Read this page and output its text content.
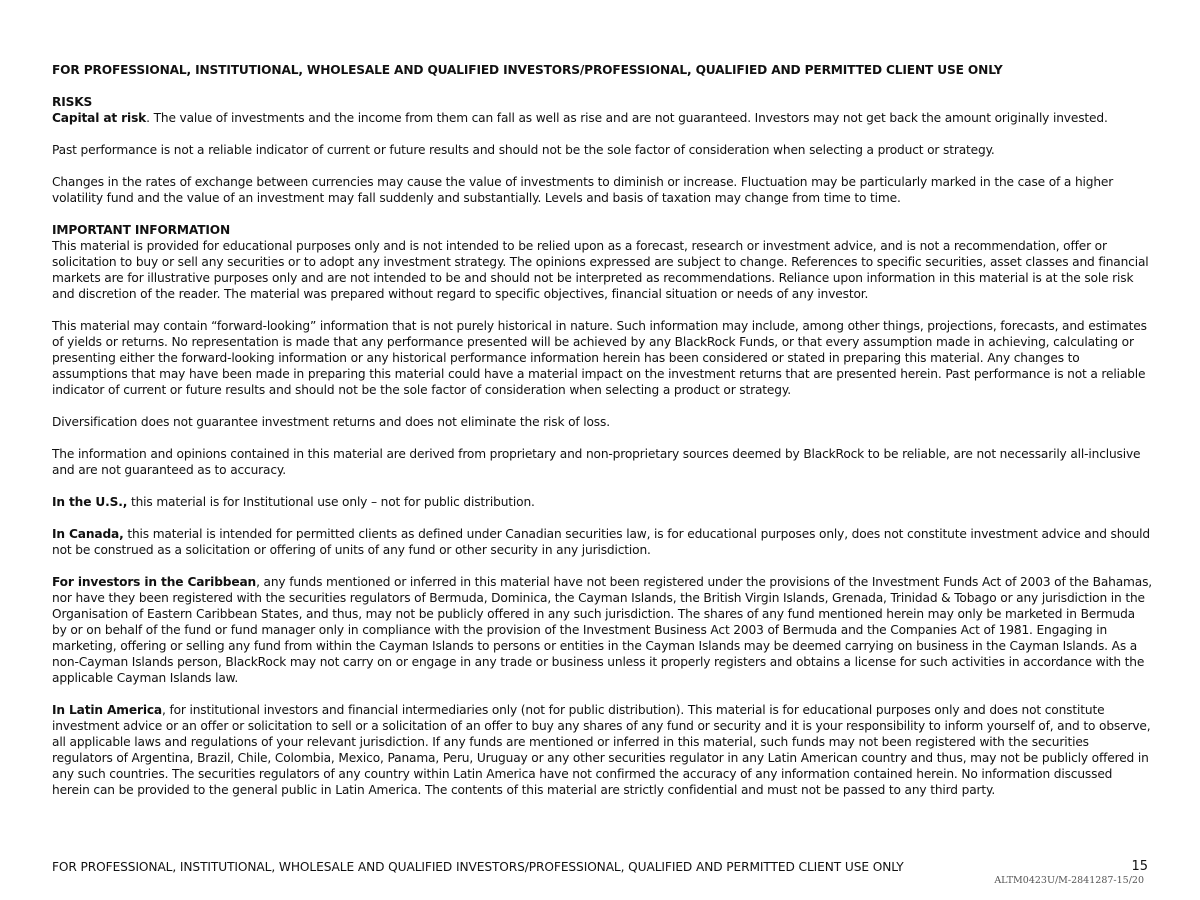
FOR PROFESSIONAL, INSTITUTIONAL, WHOLESALE AND QUALIFIED INVESTORS/PROFESSIONAL, QUALIFIED AND PERMITTED CLIENT USE ONLY

RISKS

Capital at risk. The value of investments and the income from them can fall as well as rise and are not guaranteed. Investors may not get back the amount originally invested.

Past performance is not a reliable indicator of current or future results and should not be the sole factor of consideration when selecting a product or strategy.

Changes in the rates of exchange between currencies may cause the value of investments to diminish or increase. Fluctuation may be particularly marked in the case of a higher volatility fund and the value of an investment may fall suddenly and substantially. Levels and basis of taxation may change from time to time.

IMPORTANT INFORMATION

This material is provided for educational purposes only and is not intended to be relied upon as a forecast, research or investment advice, and is not a recommendation, offer or solicitation to buy or sell any securities or to adopt any investment strategy. The opinions expressed are subject to change. References to specific securities, asset classes and financial markets are for illustrative purposes only and are not intended to be and should not be interpreted as recommendations. Reliance upon information in this material is at the sole risk and discretion of the reader. The material was prepared without regard to specific objectives, financial situation or needs of any investor.

This material may contain “forward-looking” information that is not purely historical in nature. Such information may include, among other things, projections, forecasts, and estimates of yields or returns. No representation is made that any performance presented will be achieved by any BlackRock Funds, or that every assumption made in achieving, calculating or presenting either the forward-looking information or any historical performance information herein has been considered or stated in preparing this material. Any changes to assumptions that may have been made in preparing this material could have a material impact on the investment returns that are presented herein. Past performance is not a reliable indicator of current or future results and should not be the sole factor of consideration when selecting a product or strategy.

Diversification does not guarantee investment returns and does not eliminate the risk of loss.

The information and opinions contained in this material are derived from proprietary and non-proprietary sources deemed by BlackRock to be reliable, are not necessarily all-inclusive and are not guaranteed as to accuracy.

In the U.S., this material is for Institutional use only – not for public distribution.

In Canada, this material is intended for permitted clients as defined under Canadian securities law, is for educational purposes only, does not constitute investment advice and should not be construed as a solicitation or offering of units of any fund or other security in any jurisdiction.

For investors in the Caribbean, any funds mentioned or inferred in this material have not been registered under the provisions of the Investment Funds Act of 2003 of the Bahamas, nor have they been registered with the securities regulators of Bermuda, Dominica, the Cayman Islands, the British Virgin Islands, Grenada, Trinidad & Tobago or any jurisdiction in the Organisation of Eastern Caribbean States, and thus, may not be publicly offered in any such jurisdiction. The shares of any fund mentioned herein may only be marketed in Bermuda by or on behalf of the fund or fund manager only in compliance with the provision of the Investment Business Act 2003 of Bermuda and the Companies Act of 1981. Engaging in marketing, offering or selling any fund from within the Cayman Islands to persons or entities in the Cayman Islands may be deemed carrying on business in the Cayman Islands. As a non-Cayman Islands person, BlackRock may not carry on or engage in any trade or business unless it properly registers and obtains a license for such activities in accordance with the applicable Cayman Islands law.

In Latin America, for institutional investors and financial intermediaries only (not for public distribution). This material is for educational purposes only and does not constitute investment advice or an offer or solicitation to sell or a solicitation of an offer to buy any shares of any fund or security and it is your responsibility to inform yourself of, and to observe, all applicable laws and regulations of your relevant jurisdiction. If any funds are mentioned or inferred in this material, such funds may not been registered with the securities regulators of Argentina, Brazil, Chile, Colombia, Mexico, Panama, Peru, Uruguay or any other securities regulator in any Latin American country and thus, may not be publicly offered in any such countries. The securities regulators of any country within Latin America have not confirmed the accuracy of any information contained herein. No information discussed herein can be provided to the general public in Latin America. The contents of this material are strictly confidential and must not be passed to any third party.

FOR PROFESSIONAL, INSTITUTIONAL, WHOLESALE AND QUALIFIED INVESTORS/PROFESSIONAL, QUALIFIED AND PERMITTED CLIENT USE ONLY	15
ALTM0423U/M-2841287-15/20
